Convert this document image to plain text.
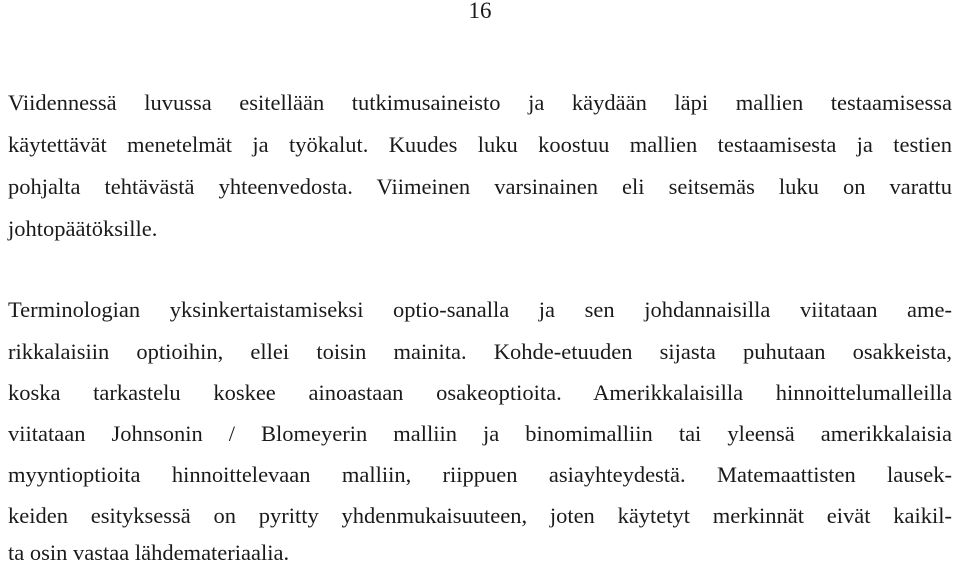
16
Viidennessä luvussa esitellään tutkimusaineisto ja käydään läpi mallien testaamisessa
käytettävät menetelmät ja työkalut. Kuudes luku koostuu mallien testaamisesta ja testien
pohjalta tehtävästä yhteenvedosta. Viimeinen varsinainen eli seitsemäs luku on varattu
johtopäätöksille.
Terminologian yksinkertaistamiseksi optio-sanalla ja sen johdannaisilla viitataan ame-
rikkalaisiin optioihin, ellei toisin mainita. Kohde-etuuden sijasta puhutaan osakkeista,
koska tarkastelu koskee ainoastaan osakeoptioita. Amerikkalaisilla hinnoittelumalleilla
viitataan Johnsonin / Blomeyerin malliin ja binomimalliin tai yleensä amerikkalaisia
myyntioptioita hinnoittelevaan malliin, riippuen asiayhteydestä. Matemaattisten lausek-
keiden esityksessä on pyritty yhdenmukaisuuteen, joten käytetyt merkinnät eivät kaikil-
ta osin vastaa lähdemateriaalia.
